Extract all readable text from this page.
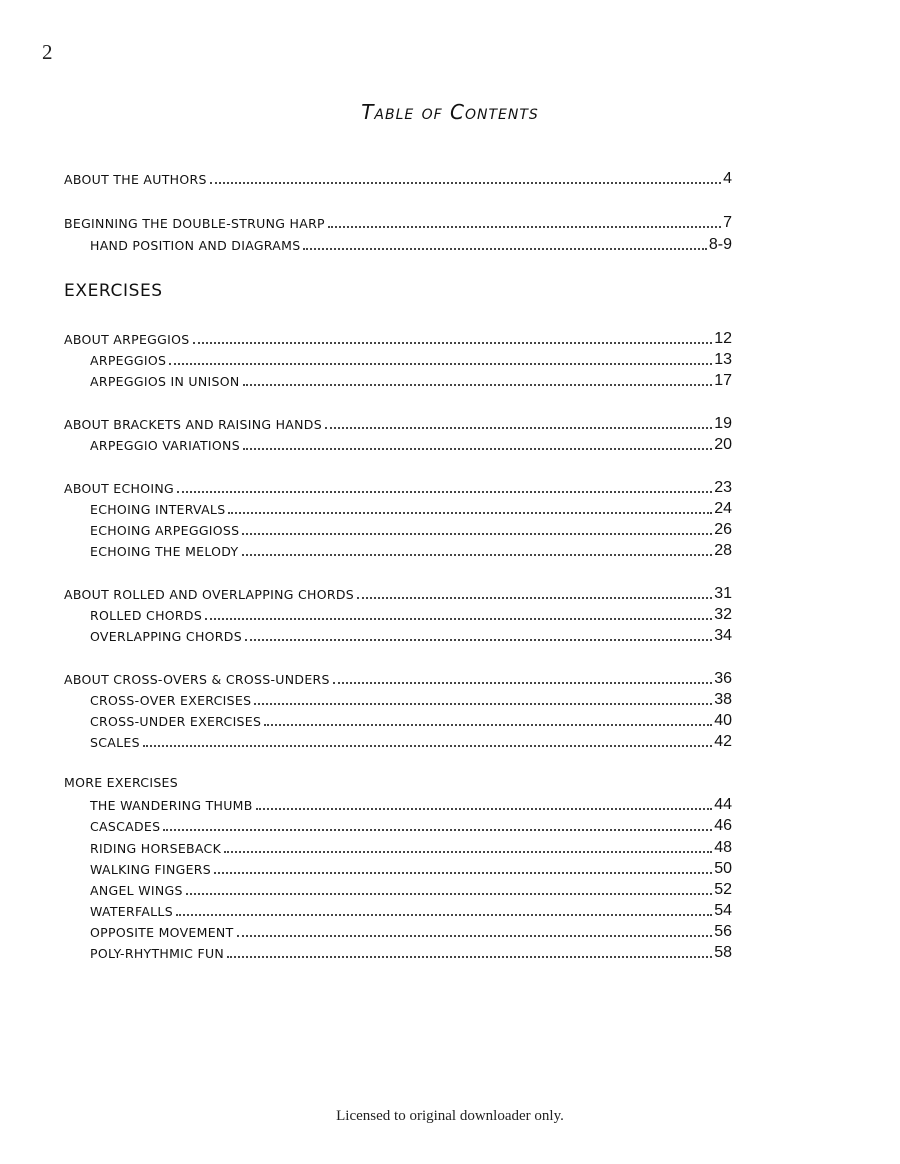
2
Table of Contents
ABOUT THE AUTHORS	4
BEGINNING THE DOUBLE-STRUNG HARP	7
HAND POSITION AND DIAGRAMS	8-9
EXERCISES
ABOUT ARPEGGIOS	12
ARPEGGIOS	13
ARPEGGIOS IN UNISON	17
ABOUT BRACKETS AND RAISING HANDS	19
ARPEGGIO VARIATIONS	20
ABOUT ECHOING	23
ECHOING INTERVALS	24
ECHOING ARPEGGIOSS	26
ECHOING THE MELODY	28
ABOUT ROLLED AND OVERLAPPING CHORDS	31
ROLLED CHORDS	32
OVERLAPPING CHORDS	34
ABOUT CROSS-OVERS & CROSS-UNDERS	36
CROSS-OVER EXERCISES	38
CROSS-UNDER EXERCISES	40
SCALES	42
MORE EXERCISES
THE WANDERING THUMB	44
CASCADES	46
RIDING HORSEBACK	48
WALKING FINGERS	50
ANGEL WINGS	52
WATERFALLS	54
OPPOSITE MOVEMENT	56
POLY-RHYTHMIC FUN	58
Licensed to original downloader only.
